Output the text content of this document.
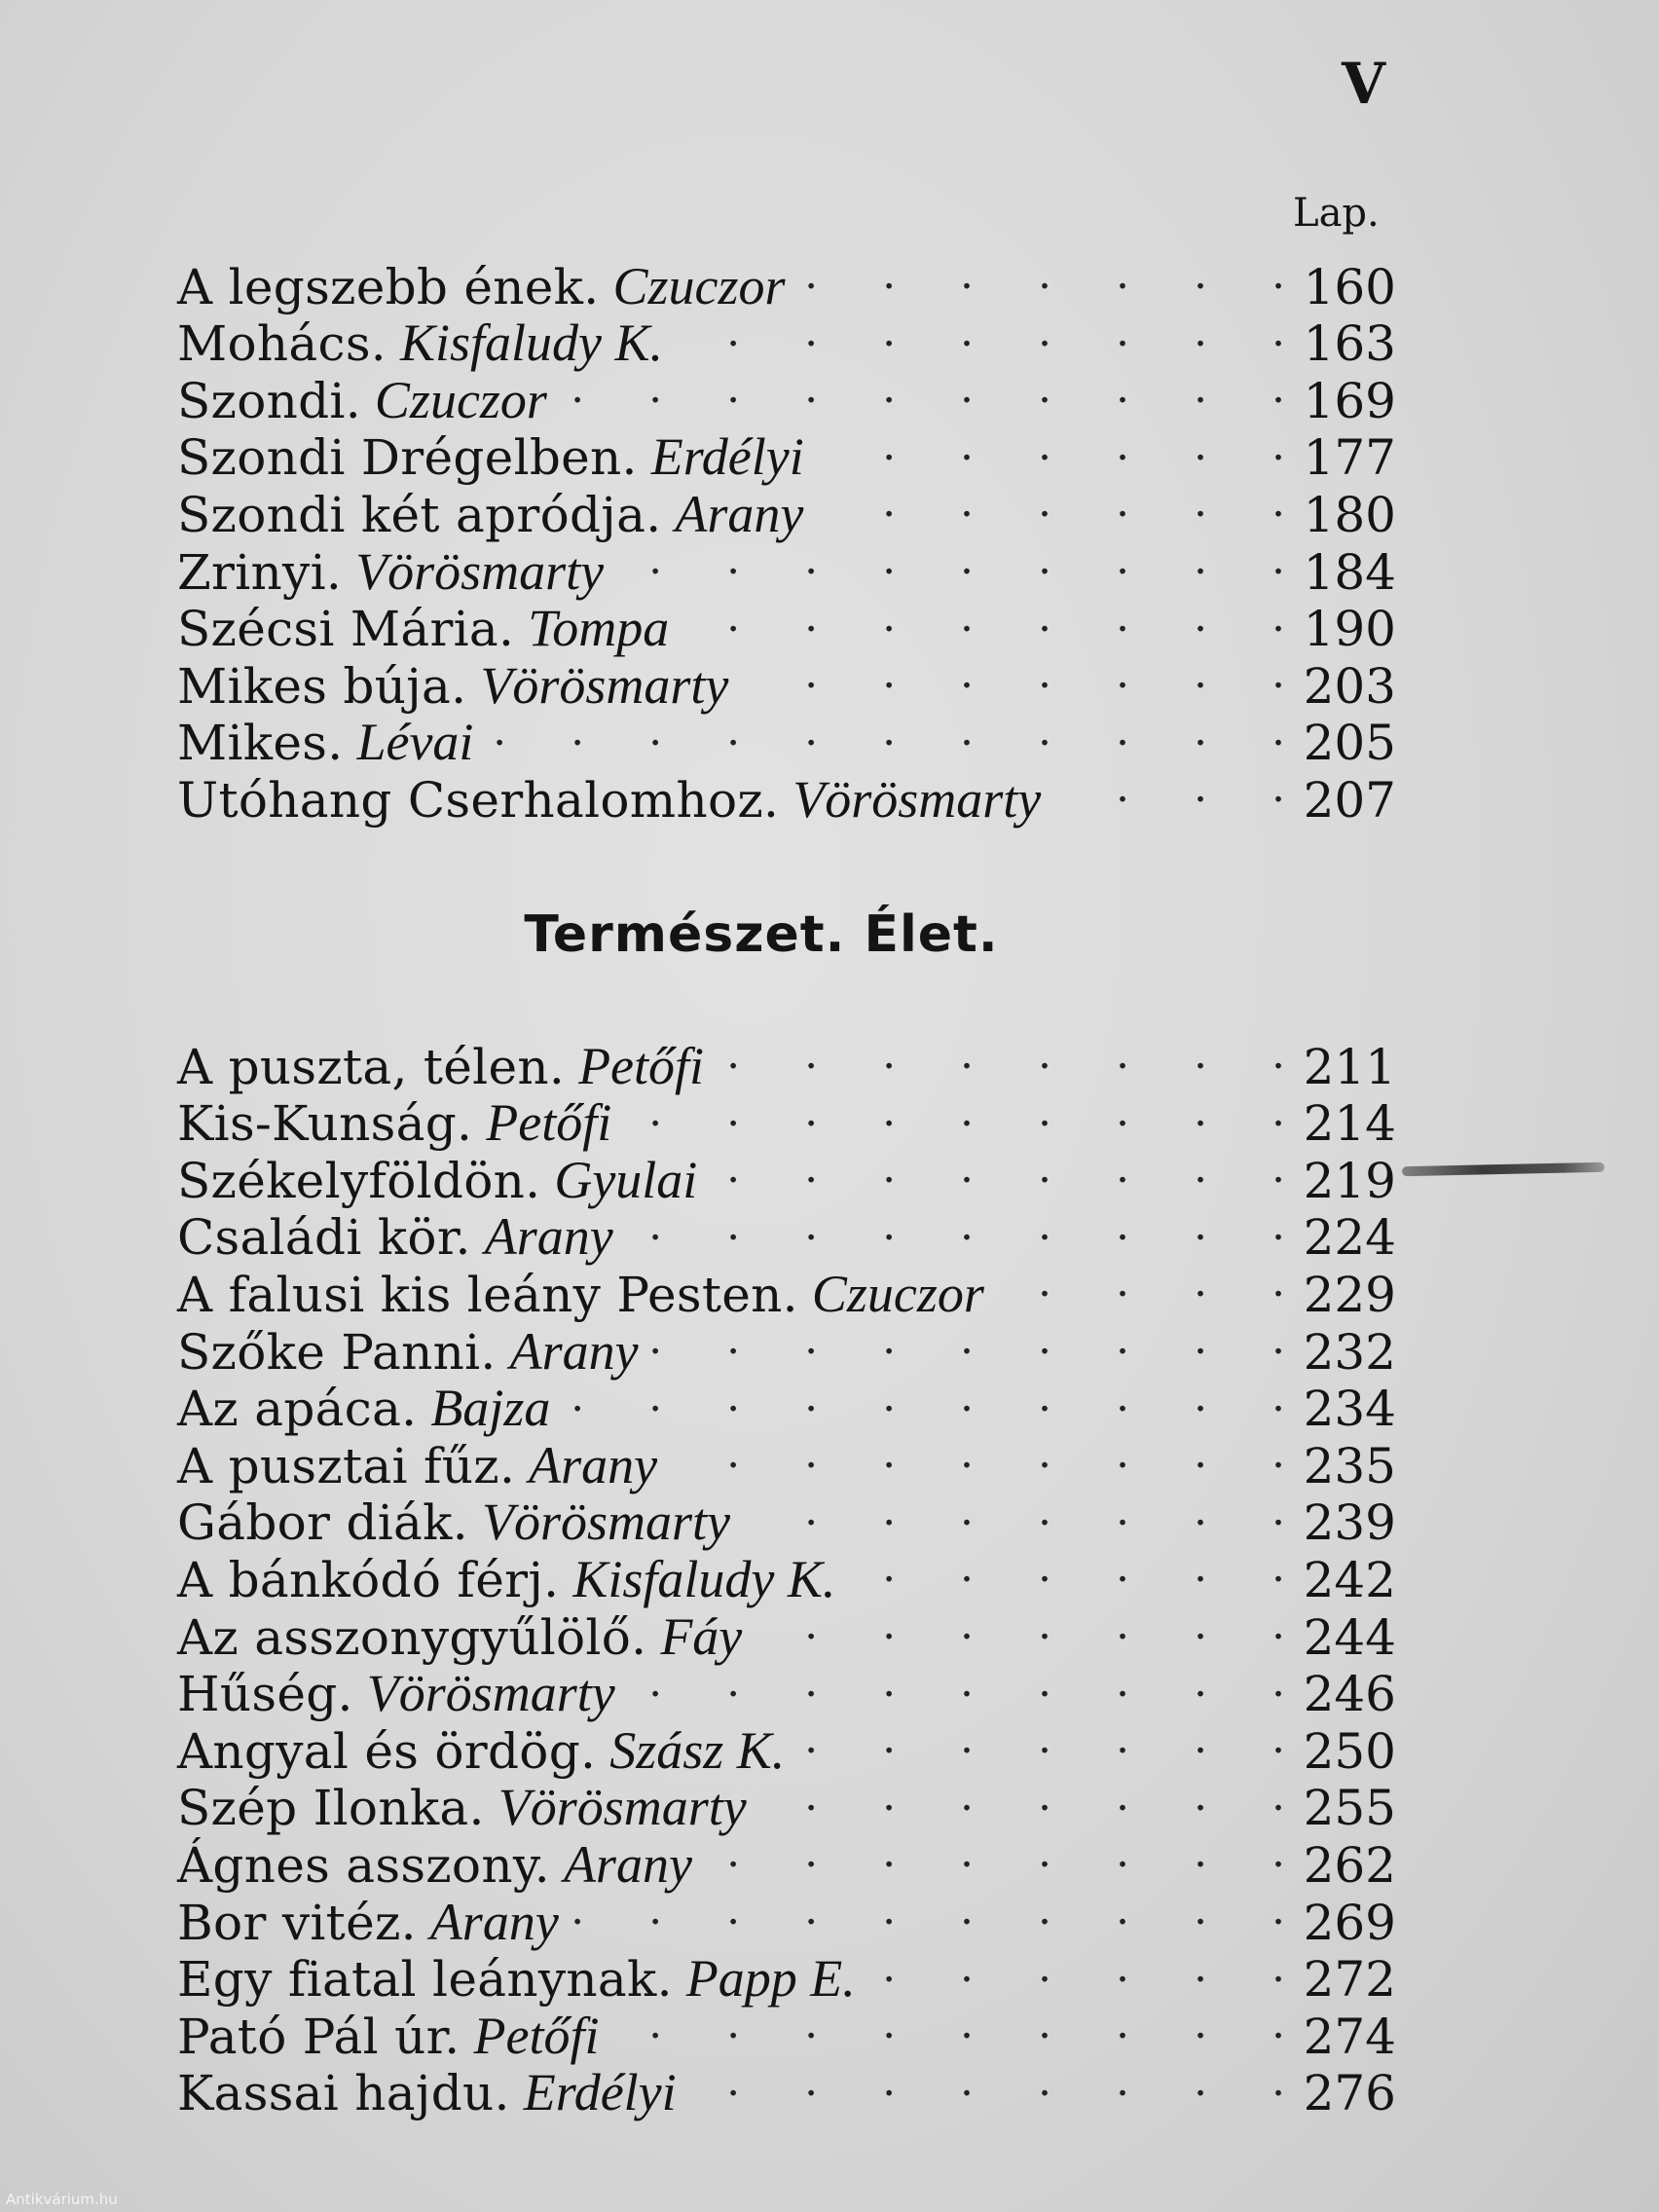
V
Lap.
A legszebb ének. Czuczor .   .	160
Mohács. Kisfaludy K. .   .	163
Szondi. Czuczor .   .	169
Szondi Drégelben. Erdélyi .   .	177
Szondi két apródja. Arany .   .	180
Zrinyi. Vörösmarty .   .	184
Szécsi Mária. Tompa .   .	190
Mikes búja. Vörösmarty .   .	203
Mikes. Lévai .   .	205
Utóhang Cserhalomhoz. Vörösmarty .   .	207
Természet. Élet.
A puszta, télen. Petőfi .   .	211
Kis-Kunság. Petőfi .   .	214
Székelyföldön. Gyulai .   .	219
Családi kör. Arany .   .	224
A falusi kis leány Pesten. Czuczor .   .	229
Szőke Panni. Arany .   .	232
Az apáca. Bajza .   .	234
A pusztai fűz. Arany .   .	235
Gábor diák. Vörösmarty .   .	239
A bánkódó férj. Kisfaludy K. .   .	242
Az asszonygyűlölő. Fáy .   .	244
Hűség. Vörösmarty .   .	246
Angyal és ördög. Szász K. .   .	250
Szép Ilonka. Vörösmarty .   .	255
Ágnes asszony. Arany .   .	262
Bor vitéz. Arany .   .	269
Egy fiatal leánynak. Papp E. .   .	272
Pató Pál úr. Petőfi .   .	274
Kassai hajdu. Erdélyi .   .	276
Antikvárium.hu
